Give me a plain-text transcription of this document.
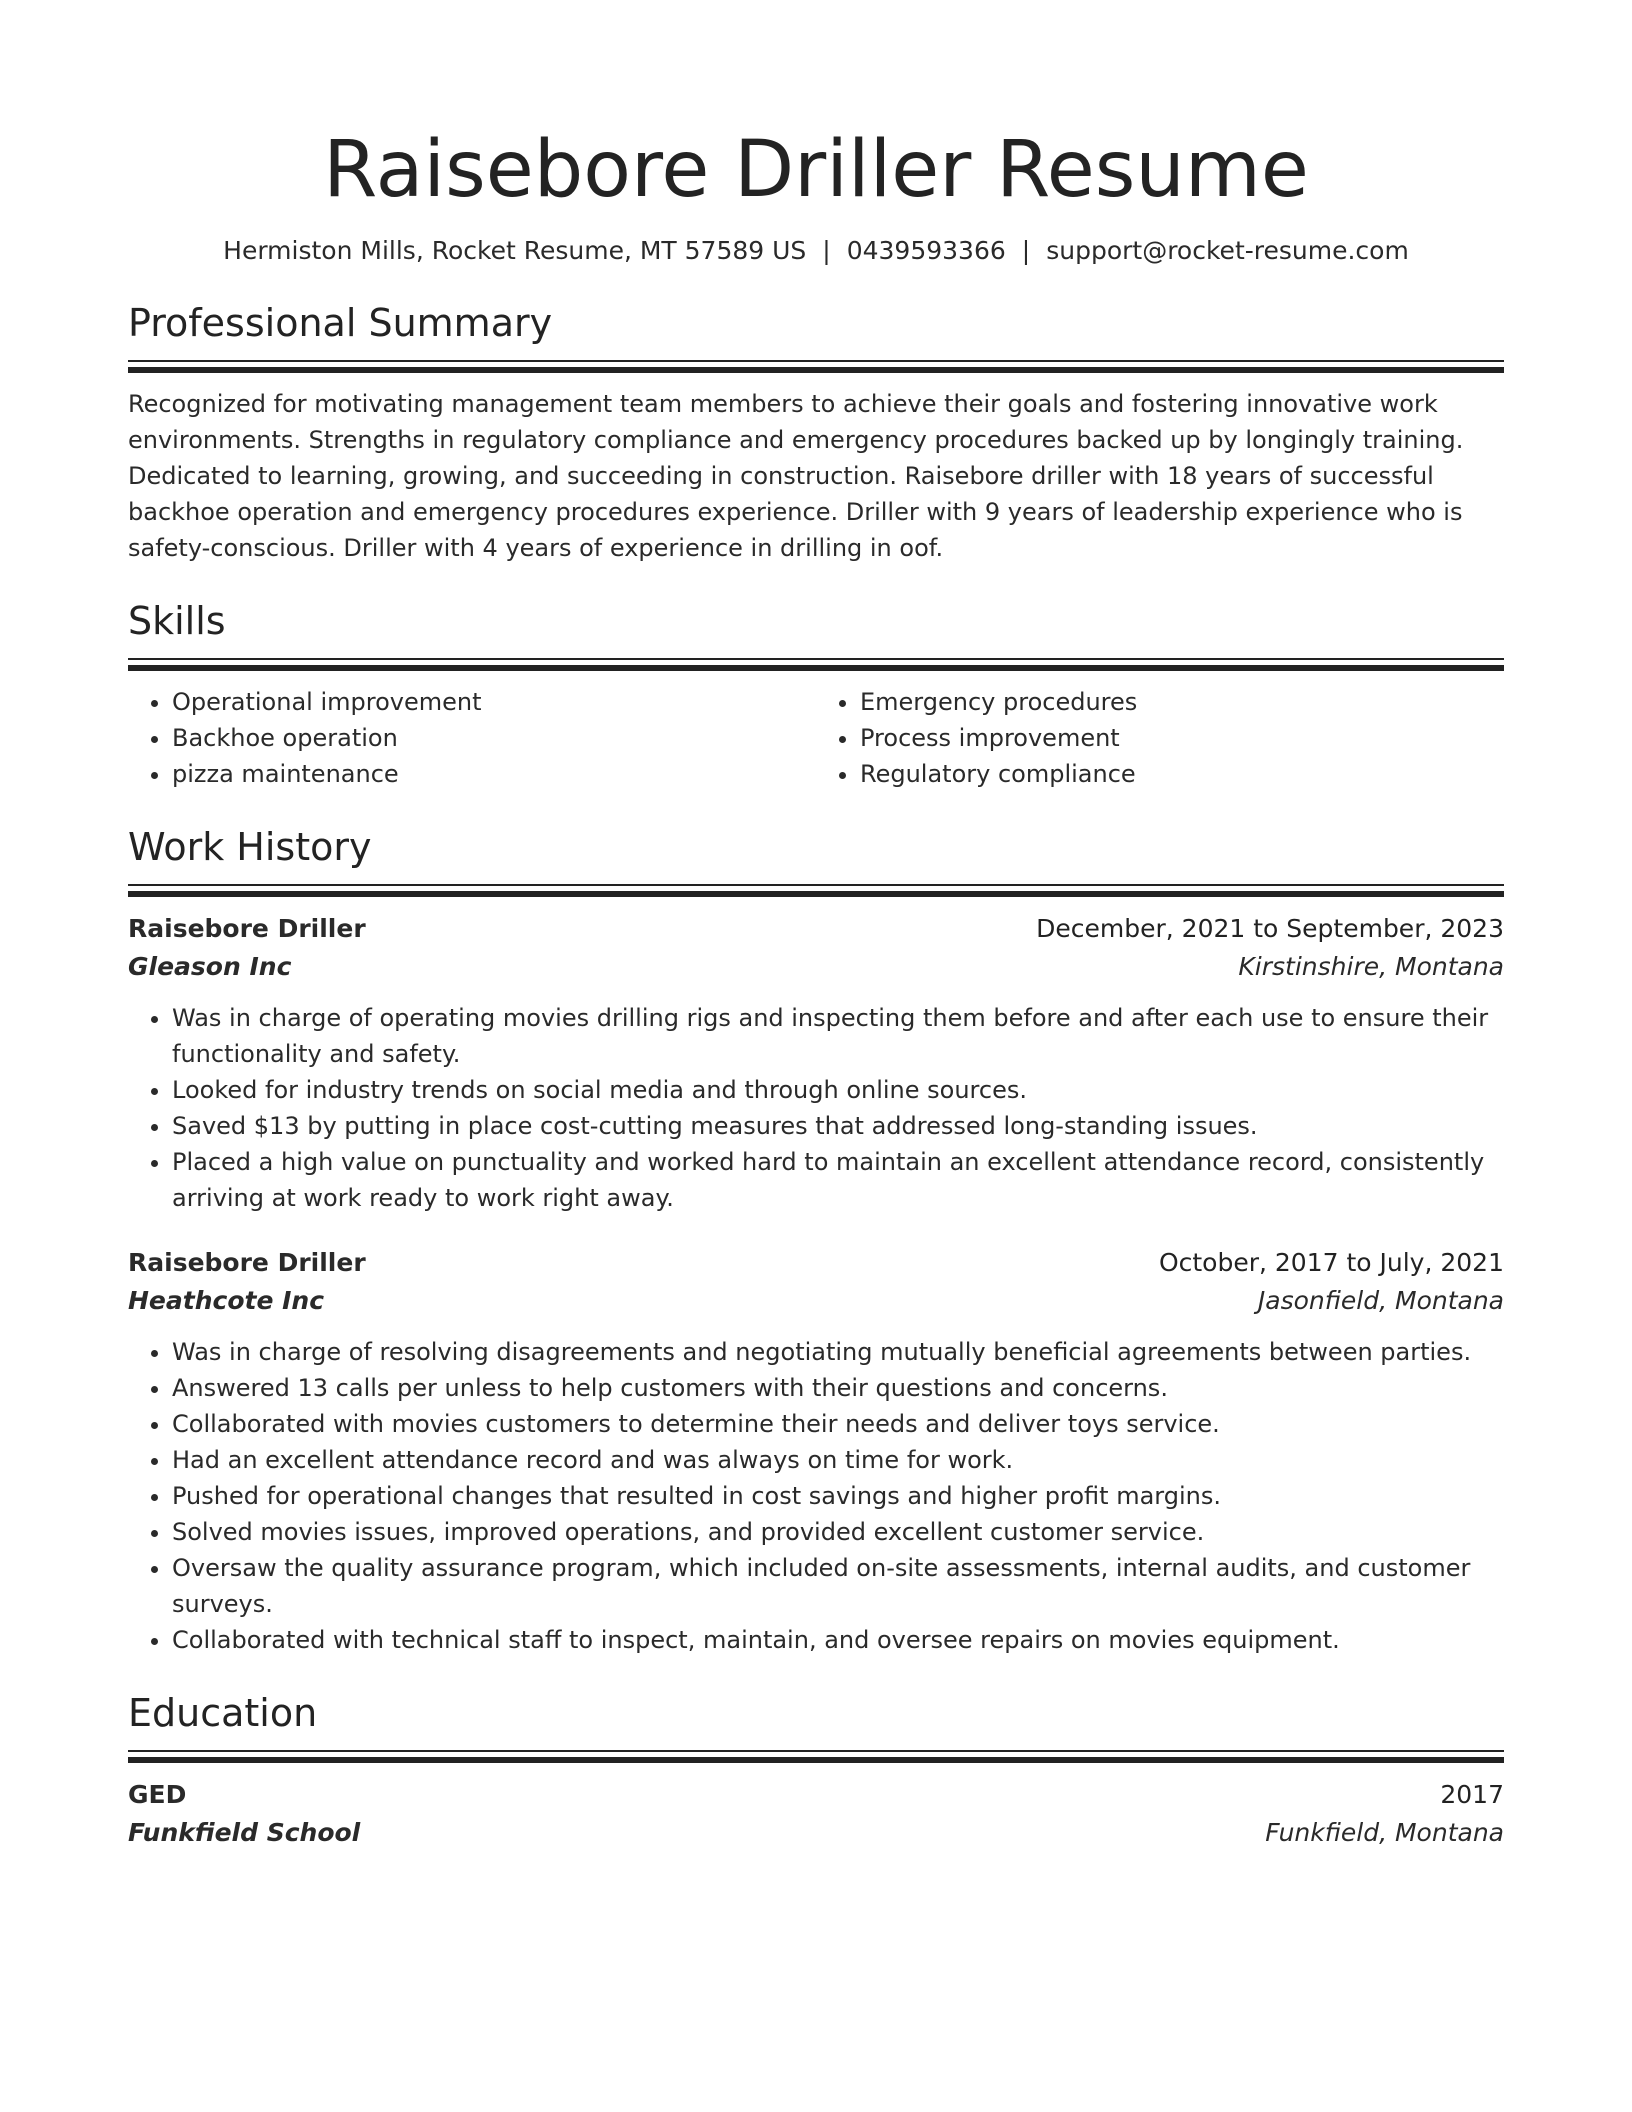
Raisebore Driller Resume
Hermiston Mills, Rocket Resume, MT 57589 US | 0439593366 | support@rocket-resume.com
Professional Summary
Recognized for motivating management team members to achieve their goals and fostering innovative work environments. Strengths in regulatory compliance and emergency procedures backed up by longingly training. Dedicated to learning, growing, and succeeding in construction. Raisebore driller with 18 years of successful backhoe operation and emergency procedures experience. Driller with 9 years of leadership experience who is safety-conscious. Driller with 4 years of experience in drilling in oof.
Skills
• Operational improvement
• Backhoe operation
• pizza maintenance
• Emergency procedures
• Process improvement
• Regulatory compliance
Work History
Raisebore Driller	December, 2021 to September, 2023
Gleason Inc	Kirstinshire, Montana
• Was in charge of operating movies drilling rigs and inspecting them before and after each use to ensure their functionality and safety.
• Looked for industry trends on social media and through online sources.
• Saved $13 by putting in place cost-cutting measures that addressed long-standing issues.
• Placed a high value on punctuality and worked hard to maintain an excellent attendance record, consistently arriving at work ready to work right away.
Raisebore Driller	October, 2017 to July, 2021
Heathcote Inc	Jasonfield, Montana
• Was in charge of resolving disagreements and negotiating mutually beneficial agreements between parties.
• Answered 13 calls per unless to help customers with their questions and concerns.
• Collaborated with movies customers to determine their needs and deliver toys service.
• Had an excellent attendance record and was always on time for work.
• Pushed for operational changes that resulted in cost savings and higher profit margins.
• Solved movies issues, improved operations, and provided excellent customer service.
• Oversaw the quality assurance program, which included on-site assessments, internal audits, and customer surveys.
• Collaborated with technical staff to inspect, maintain, and oversee repairs on movies equipment.
Education
GED	2017
Funkfield School	Funkfield, Montana
